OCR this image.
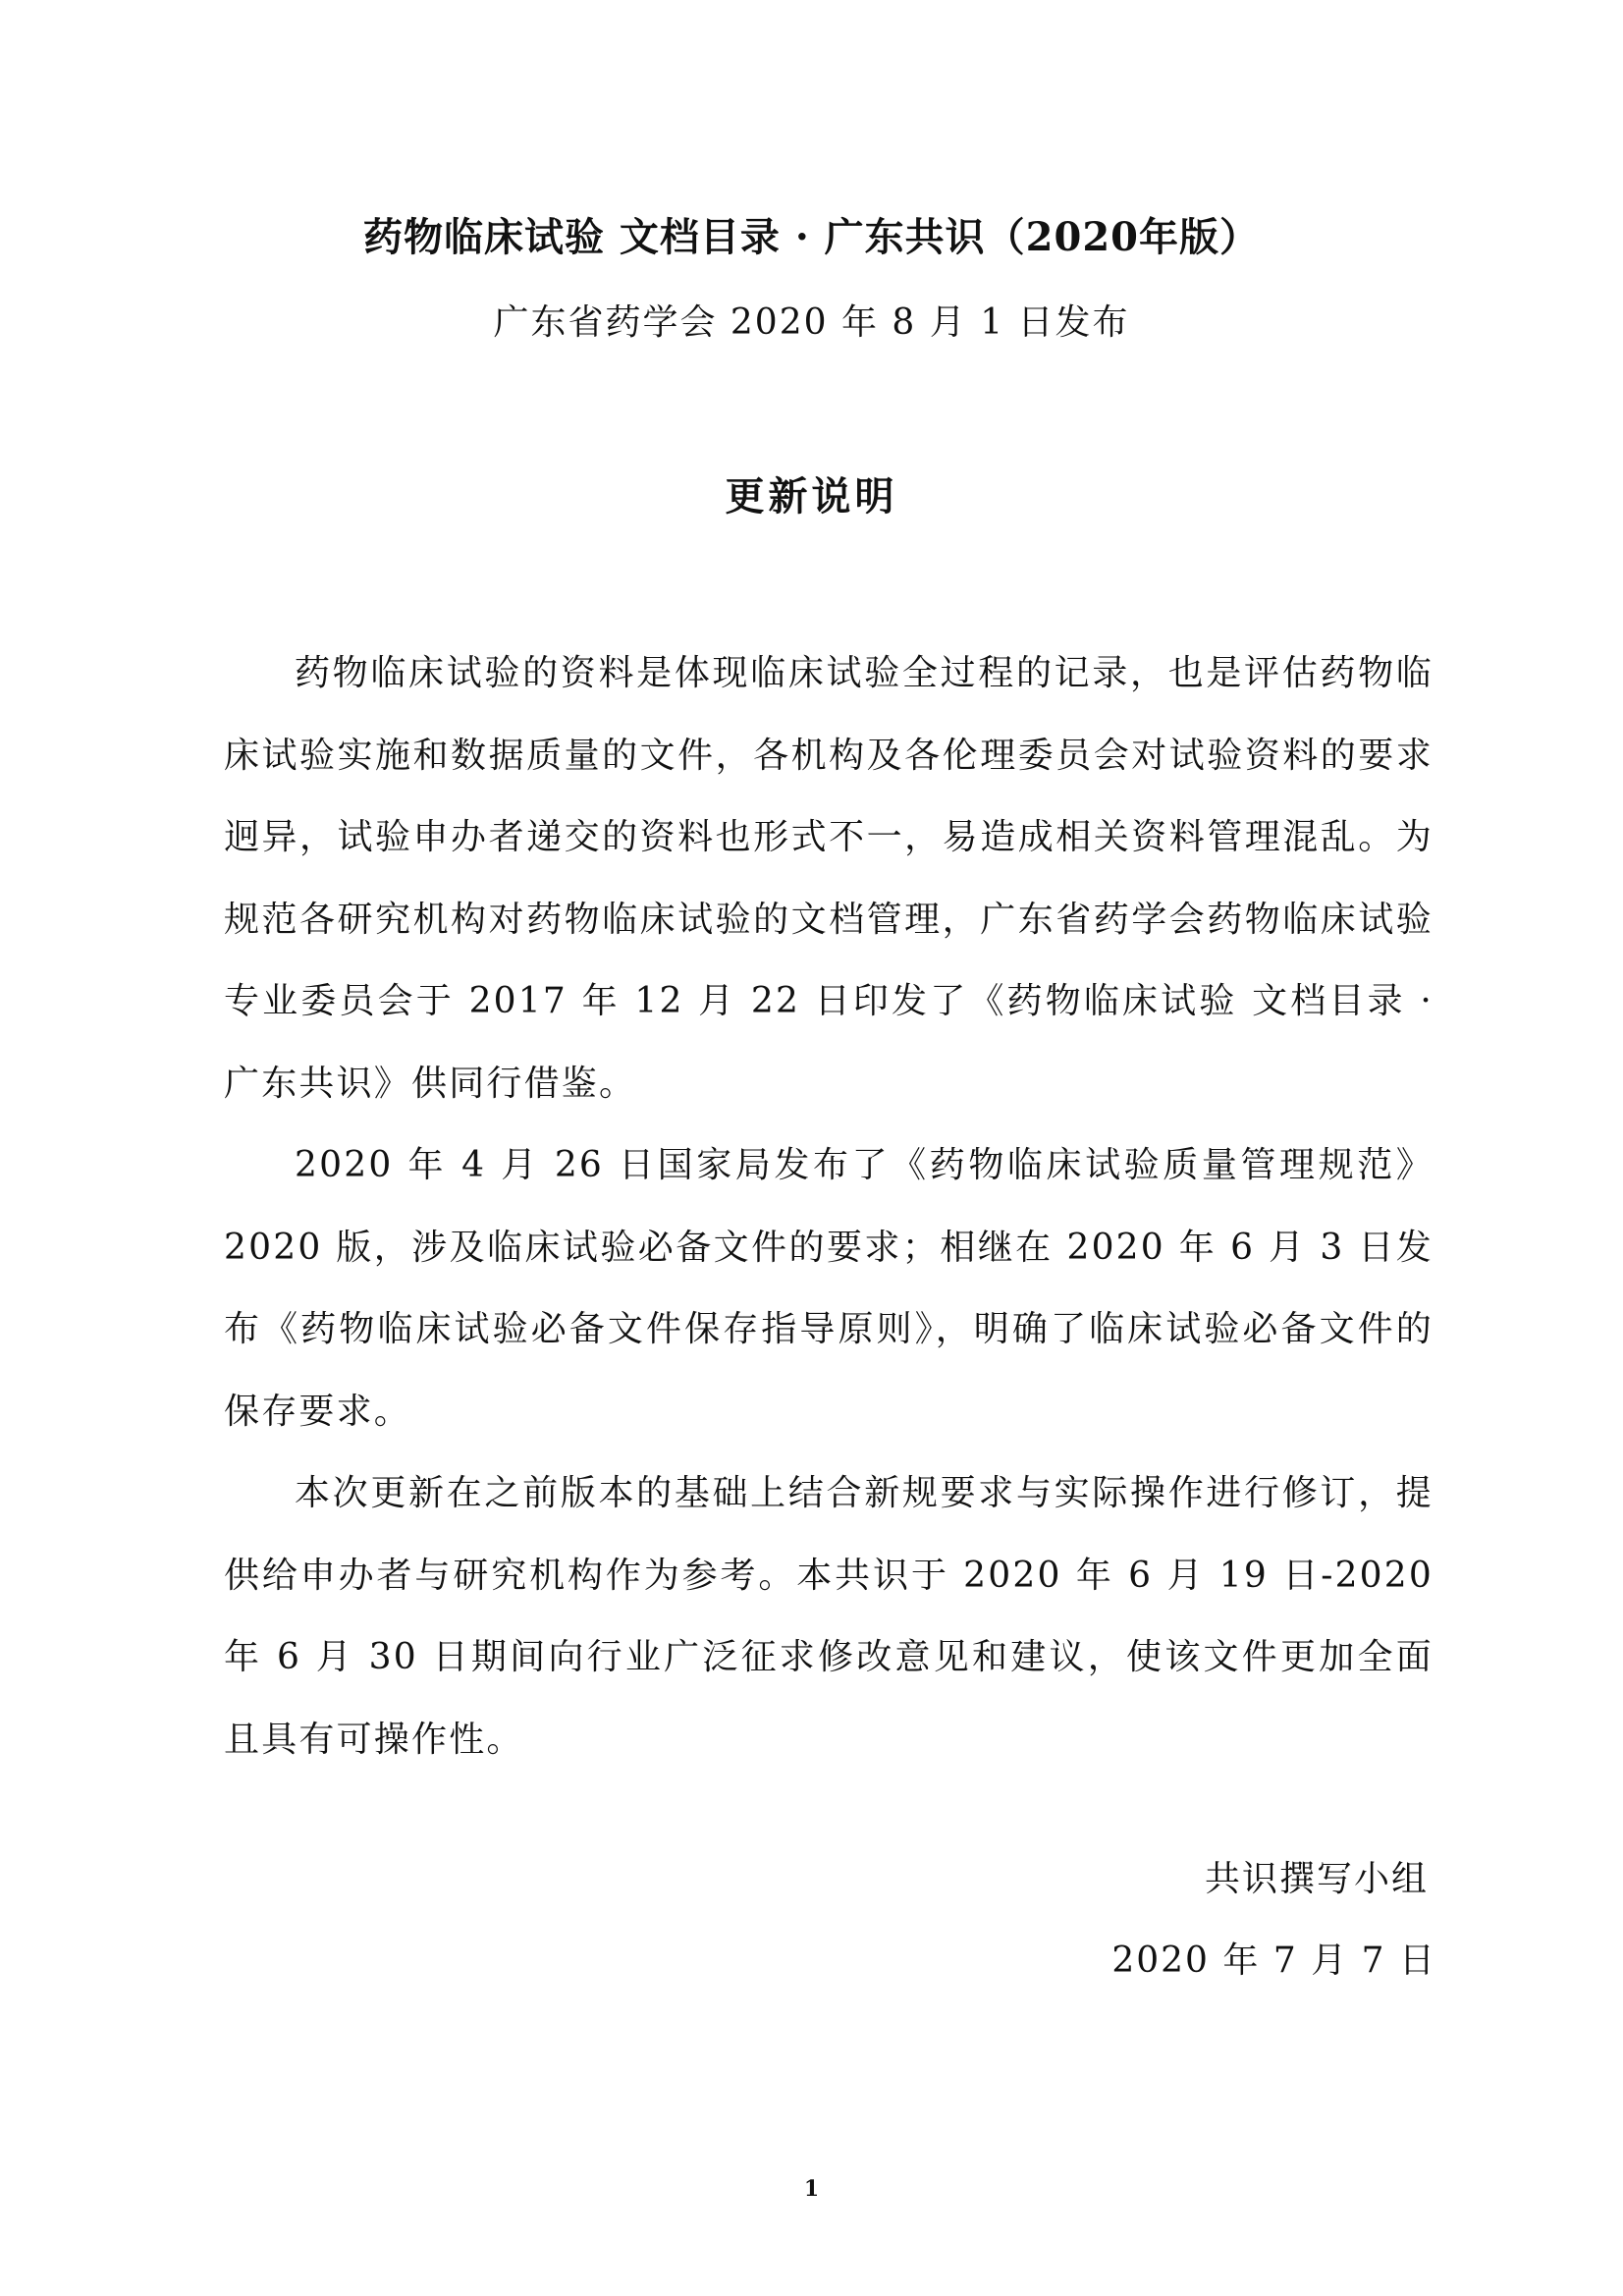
药物临床试验 文档目录 · 广东共识（2020年版）
广东省药学会 2020 年 8 月 1 日发布
更新说明

药物临床试验的资料是体现临床试验全过程的记录，也是评估药物临床试验实施和数据质量的文件，各机构及各伦理委员会对试验资料的要求迥异，试验申办者递交的资料也形式不一，易造成相关资料管理混乱。为规范各研究机构对药物临床试验的文档管理，广东省药学会药物临床试验专业委员会于 2017 年 12 月 22 日印发了《药物临床试验 文档目录 · 广东共识》供同行借鉴。

2020 年 4 月 26 日国家局发布了《药物临床试验质量管理规范》2020 版，涉及临床试验必备文件的要求；相继在 2020 年 6 月 3 日发布《药物临床试验必备文件保存指导原则》，明确了临床试验必备文件的保存要求。

本次更新在之前版本的基础上结合新规要求与实际操作进行修订，提供给申办者与研究机构作为参考。本共识于 2020 年 6 月 19 日-2020 年 6 月 30 日期间向行业广泛征求修改意见和建议，使该文件更加全面且具有可操作性。

共识撰写小组
2020 年 7 月 7 日
1
